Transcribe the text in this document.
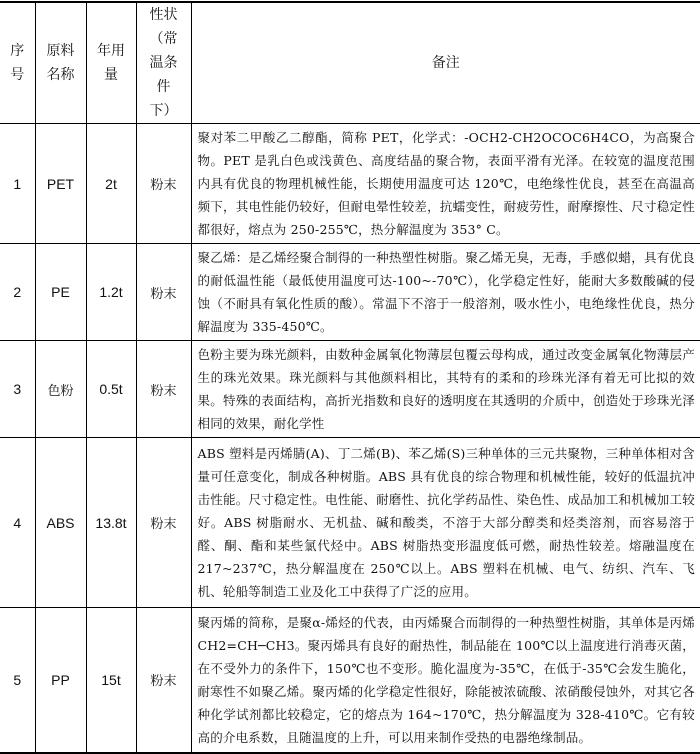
序号	原料名称	年用量	性状（常温条件下）	备注
1	PET	2t	粉末	聚对苯二甲酸乙二醇酯，简称 PET，化学式：-OCH2-CH2OCOC6H4CO，为高聚合物。PET 是乳白色或浅黄色、高度结晶的聚合物，表面平滑有光泽。在较宽的温度范围内具有优良的物理机械性能，长期使用温度可达 120℃，电绝缘性优良，甚至在高温高频下，其电性能仍较好，但耐电晕性较差，抗蠕变性，耐疲劳性，耐摩擦性、尺寸稳定性都很好，熔点为 250-255℃，热分解温度为 353° C。
2	PE	1.2t	粉末	聚乙烯：是乙烯经聚合制得的一种热塑性树脂。聚乙烯无臭，无毒，手感似蜡，具有优良的耐低温性能（最低使用温度可达-100~-70℃），化学稳定性好，能耐大多数酸碱的侵蚀（不耐具有氧化性质的酸）。常温下不溶于一般溶剂，吸水性小，电绝缘性优良，热分解温度为 335-450℃。
3	色粉	0.5t	粉末	色粉主要为珠光颜料，由数种金属氧化物薄层包覆云母构成，通过改变金属氧化物薄层产生的珠光效果。珠光颜料与其他颜料相比，其特有的柔和的珍珠光泽有着无可比拟的效果。特殊的表面结构，高折光指数和良好的透明度在其透明的介质中，创造处于珍珠光泽相同的效果，耐化学性
4	ABS	13.8t	粉末	ABS 塑料是丙烯腈(A)、丁二烯(B)、苯乙烯(S)三种单体的三元共聚物，三种单体相对含量可任意变化，制成各种树脂。ABS 具有优良的综合物理和机械性能，较好的低温抗冲击性能。尺寸稳定性。电性能、耐磨性、抗化学药品性、染色性、成品加工和机械加工较好。ABS 树脂耐水、无机盐、碱和酸类，不溶于大部分醇类和烃类溶剂，而容易溶于醛、酮、酯和某些氯代烃中。ABS 树脂热变形温度低可燃，耐热性较差。熔融温度在 217~237℃，热分解温度在 250℃以上。ABS 塑料在机械、电气、纺织、汽车、飞机、轮船等制造工业及化工中获得了广泛的应用。
5	PP	15t	粉末	聚丙烯的简称，是聚α-烯烃的代表，由丙烯聚合而制得的一种热塑性树脂，其单体是丙烯 CH2=CH─CH3。聚丙烯具有良好的耐热性，制品能在 100℃以上温度进行消毒灭菌，在不受外力的条件下，150℃也不变形。脆化温度为-35℃，在低于-35℃会发生脆化，耐寒性不如聚乙烯。聚丙烯的化学稳定性很好，除能被浓硫酸、浓硝酸侵蚀外，对其它各 种化学试剂都比较稳定，它的熔点为 164~170℃，热分解温度为 328-410℃。它有较高的介电系数，且随温度的上升，可以用来制作受热的电器绝缘制品。
